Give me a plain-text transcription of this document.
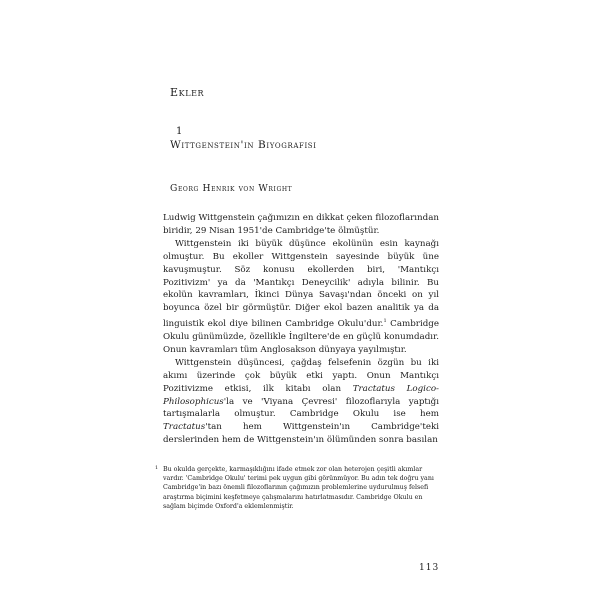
Ekler
1
Wittgenstein'ın Biyografisi
Georg Henrik von Wright

Ludwig Wittgenstein çağımızın en dikkat çeken filozoflarından biridir, 29 Nisan 1951'de Cambridge'te ölmüştür.

Wittgenstein iki büyük düşünce ekolünün esin kaynağı olmuştur. Bu ekoller Wittgenstein sayesinde büyük üne kavuşmuştur. Söz konusu ekollerden biri, 'Mantıkçı Pozitivizm' ya da 'Mantıkçı Deneycilik' adıyla bilinir. Bu ekolün kavramları, İkinci Dünya Savaşı'ndan önceki on yıl boyunca özel bir görmüştür. Diğer ekol bazen analitik ya da linguistik ekol diye bilinen Cambridge Okulu'dur.$^1$ Cambridge Okulu günümüzde, özellikle İngiltere'de en güçlü konumdadır. Onun kavramları tüm Anglosakson dünyaya yayılmıştır.

Wittgenstein düşüncesi, çağdaş felsefenin özgün bu iki akımı üzerinde çok büyük etki yaptı. Onun Mantıkçı Pozitivizme etkisi, ilk kitabı olan Tractatus Logico-Philosophicus'la ve 'Viyana Çevresi' filozoflarıyla yaptığı tartışmalarla olmuştur. Cambridge Okulu ise hem Tractatus'tan hem Wittgenstein'ın Cambridge'teki derslerinden hem de Wittgenstein'ın ölümünden sonra basılan

1 Bu okulda gerçekte, karmaşıklığını ifade etmek zor olan heterojen çeşitli akımlar vardır. 'Cambridge Okulu' terimi pek uygun gibi görünmüyor. Bu adın tek doğru yanı Cambridge'in bazı önemli filozoflarının çağımızın problemlerine uydurulmuş felsefi araştırma biçimini keşfetmeye çalışmalarını hatırlatmasıdır. Cambridge Okulu en sağlam biçimde Oxford'a eklemlenmiştir.
113
